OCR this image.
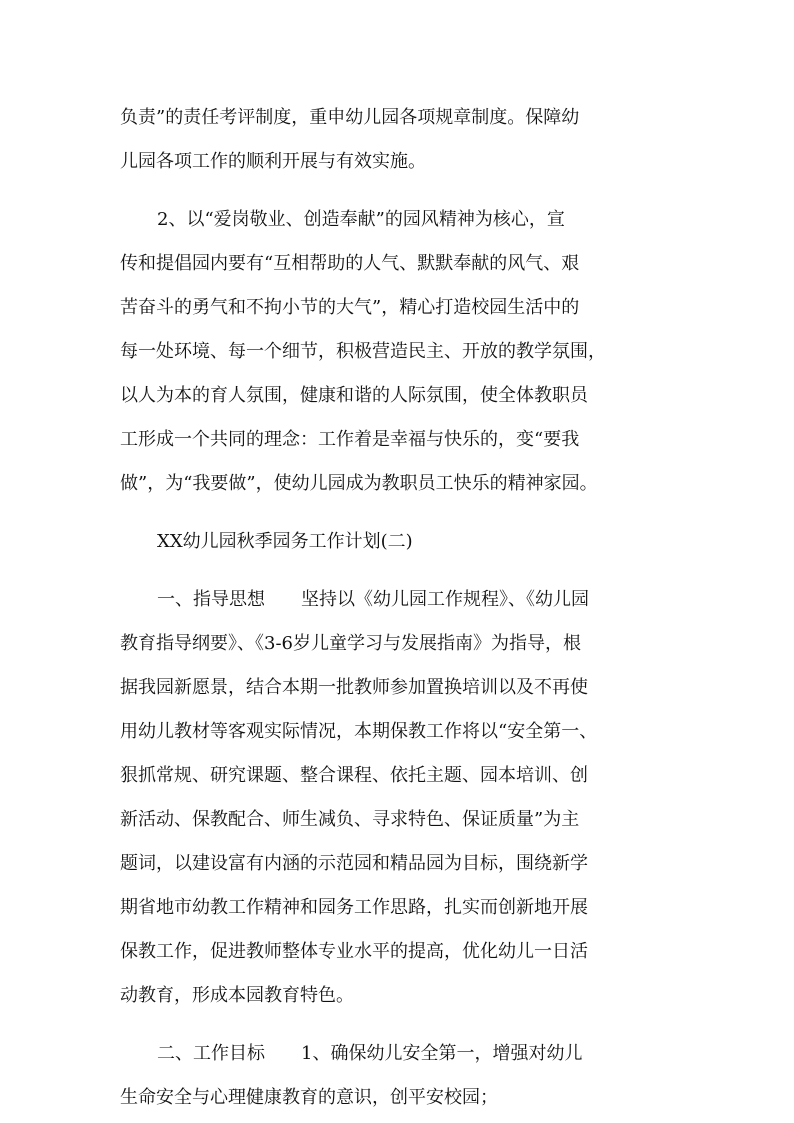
负责”的责任考评制度，重申幼儿园各项规章制度。保障幼
儿园各项工作的顺利开展与有效实施。
2、以“爱岗敬业、创造奉献”的园风精神为核心，宣
传和提倡园内要有“互相帮助的人气、默默奉献的风气、艰
苦奋斗的勇气和不拘小节的大气”，精心打造校园生活中的
每一处环境、每一个细节，积极营造民主、开放的教学氛围，
以人为本的育人氛围，健康和谐的人际氛围，使全体教职员
工形成一个共同的理念：工作着是幸福与快乐的，变“要我
做”，为“我要做”，使幼儿园成为教职员工快乐的精神家园。
XX幼儿园秋季园务工作计划(二)
一、指导思想　　坚持以《幼儿园工作规程》、《幼儿园
教育指导纲要》、《3-6岁儿童学习与发展指南》为指导，根
据我园新愿景，结合本期一批教师参加置换培训以及不再使
用幼儿教材等客观实际情况，本期保教工作将以“安全第一、
狠抓常规、研究课题、整合课程、依托主题、园本培训、创
新活动、保教配合、师生减负、寻求特色、保证质量”为主
题词，以建设富有内涵的示范园和精品园为目标，围绕新学
期省地市幼教工作精神和园务工作思路，扎实而创新地开展
保教工作，促进教师整体专业水平的提高，优化幼儿一日活
动教育，形成本园教育特色。
二、工作目标　　1、确保幼儿安全第一，增强对幼儿
生命安全与心理健康教育的意识，创平安校园；
